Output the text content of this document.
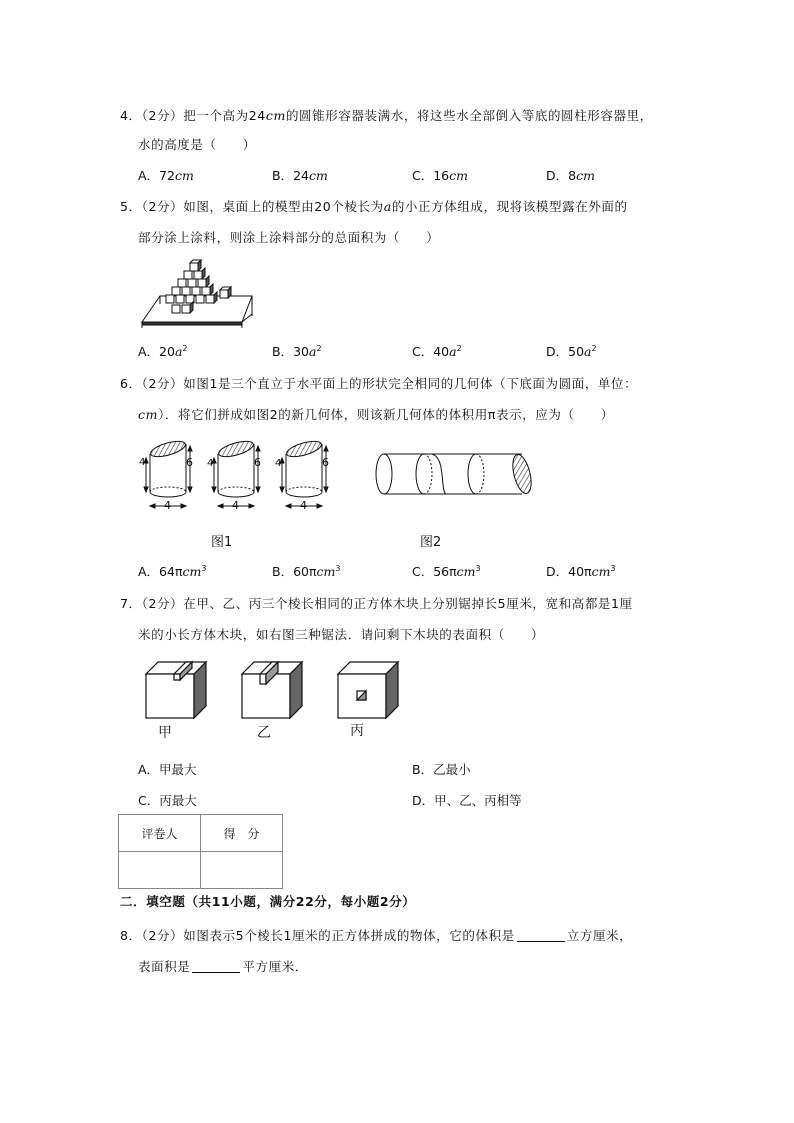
4．（2分）把一个高为24cm的圆锥形容器装满水，将这些水全部倒入等底的圆柱形容器里，
水的高度是（　　）
A．72cm	B．24cm	C．16cm	D．8cm
5．（2分）如图，桌面上的模型由20个棱长为a的小正方体组成，现将该模型露在外面的
部分涂上涂料，则涂上涂料部分的总面积为（　　）
A．$20a^2$	B．$30a^2$	C．$40a^2$	D．$50a^2$
6．（2分）如图1是三个直立于水平面上的形状完全相同的几何体（下底面为圆面，单位：
cm）．将它们拼成如图2的新几何体，则该新几何体的体积用π表示，应为（　　）
4	6
4
4	6
4
4	6
4
图1	图2
A．64πcm$^3$	B．60πcm$^3$	C．56πcm$^3$	D．40πcm$^3$
7．（2分）在甲、乙、丙三个棱长相同的正方体木块上分别锯掉长5厘米，宽和高都是1厘
米的小长方体木块，如右图三种锯法．请问剩下木块的表面积（　　）
甲	乙	丙
A．甲最大	B．乙最小
C．丙最大	D．甲、乙、丙相等
评卷人	得　分

二．填空题（共11小题，满分22分，每小题2分）
8．（2分）如图表示5个棱长1厘米的正方体拼成的物体，它的体积是	立方厘米，
表面积是	平方厘米．
